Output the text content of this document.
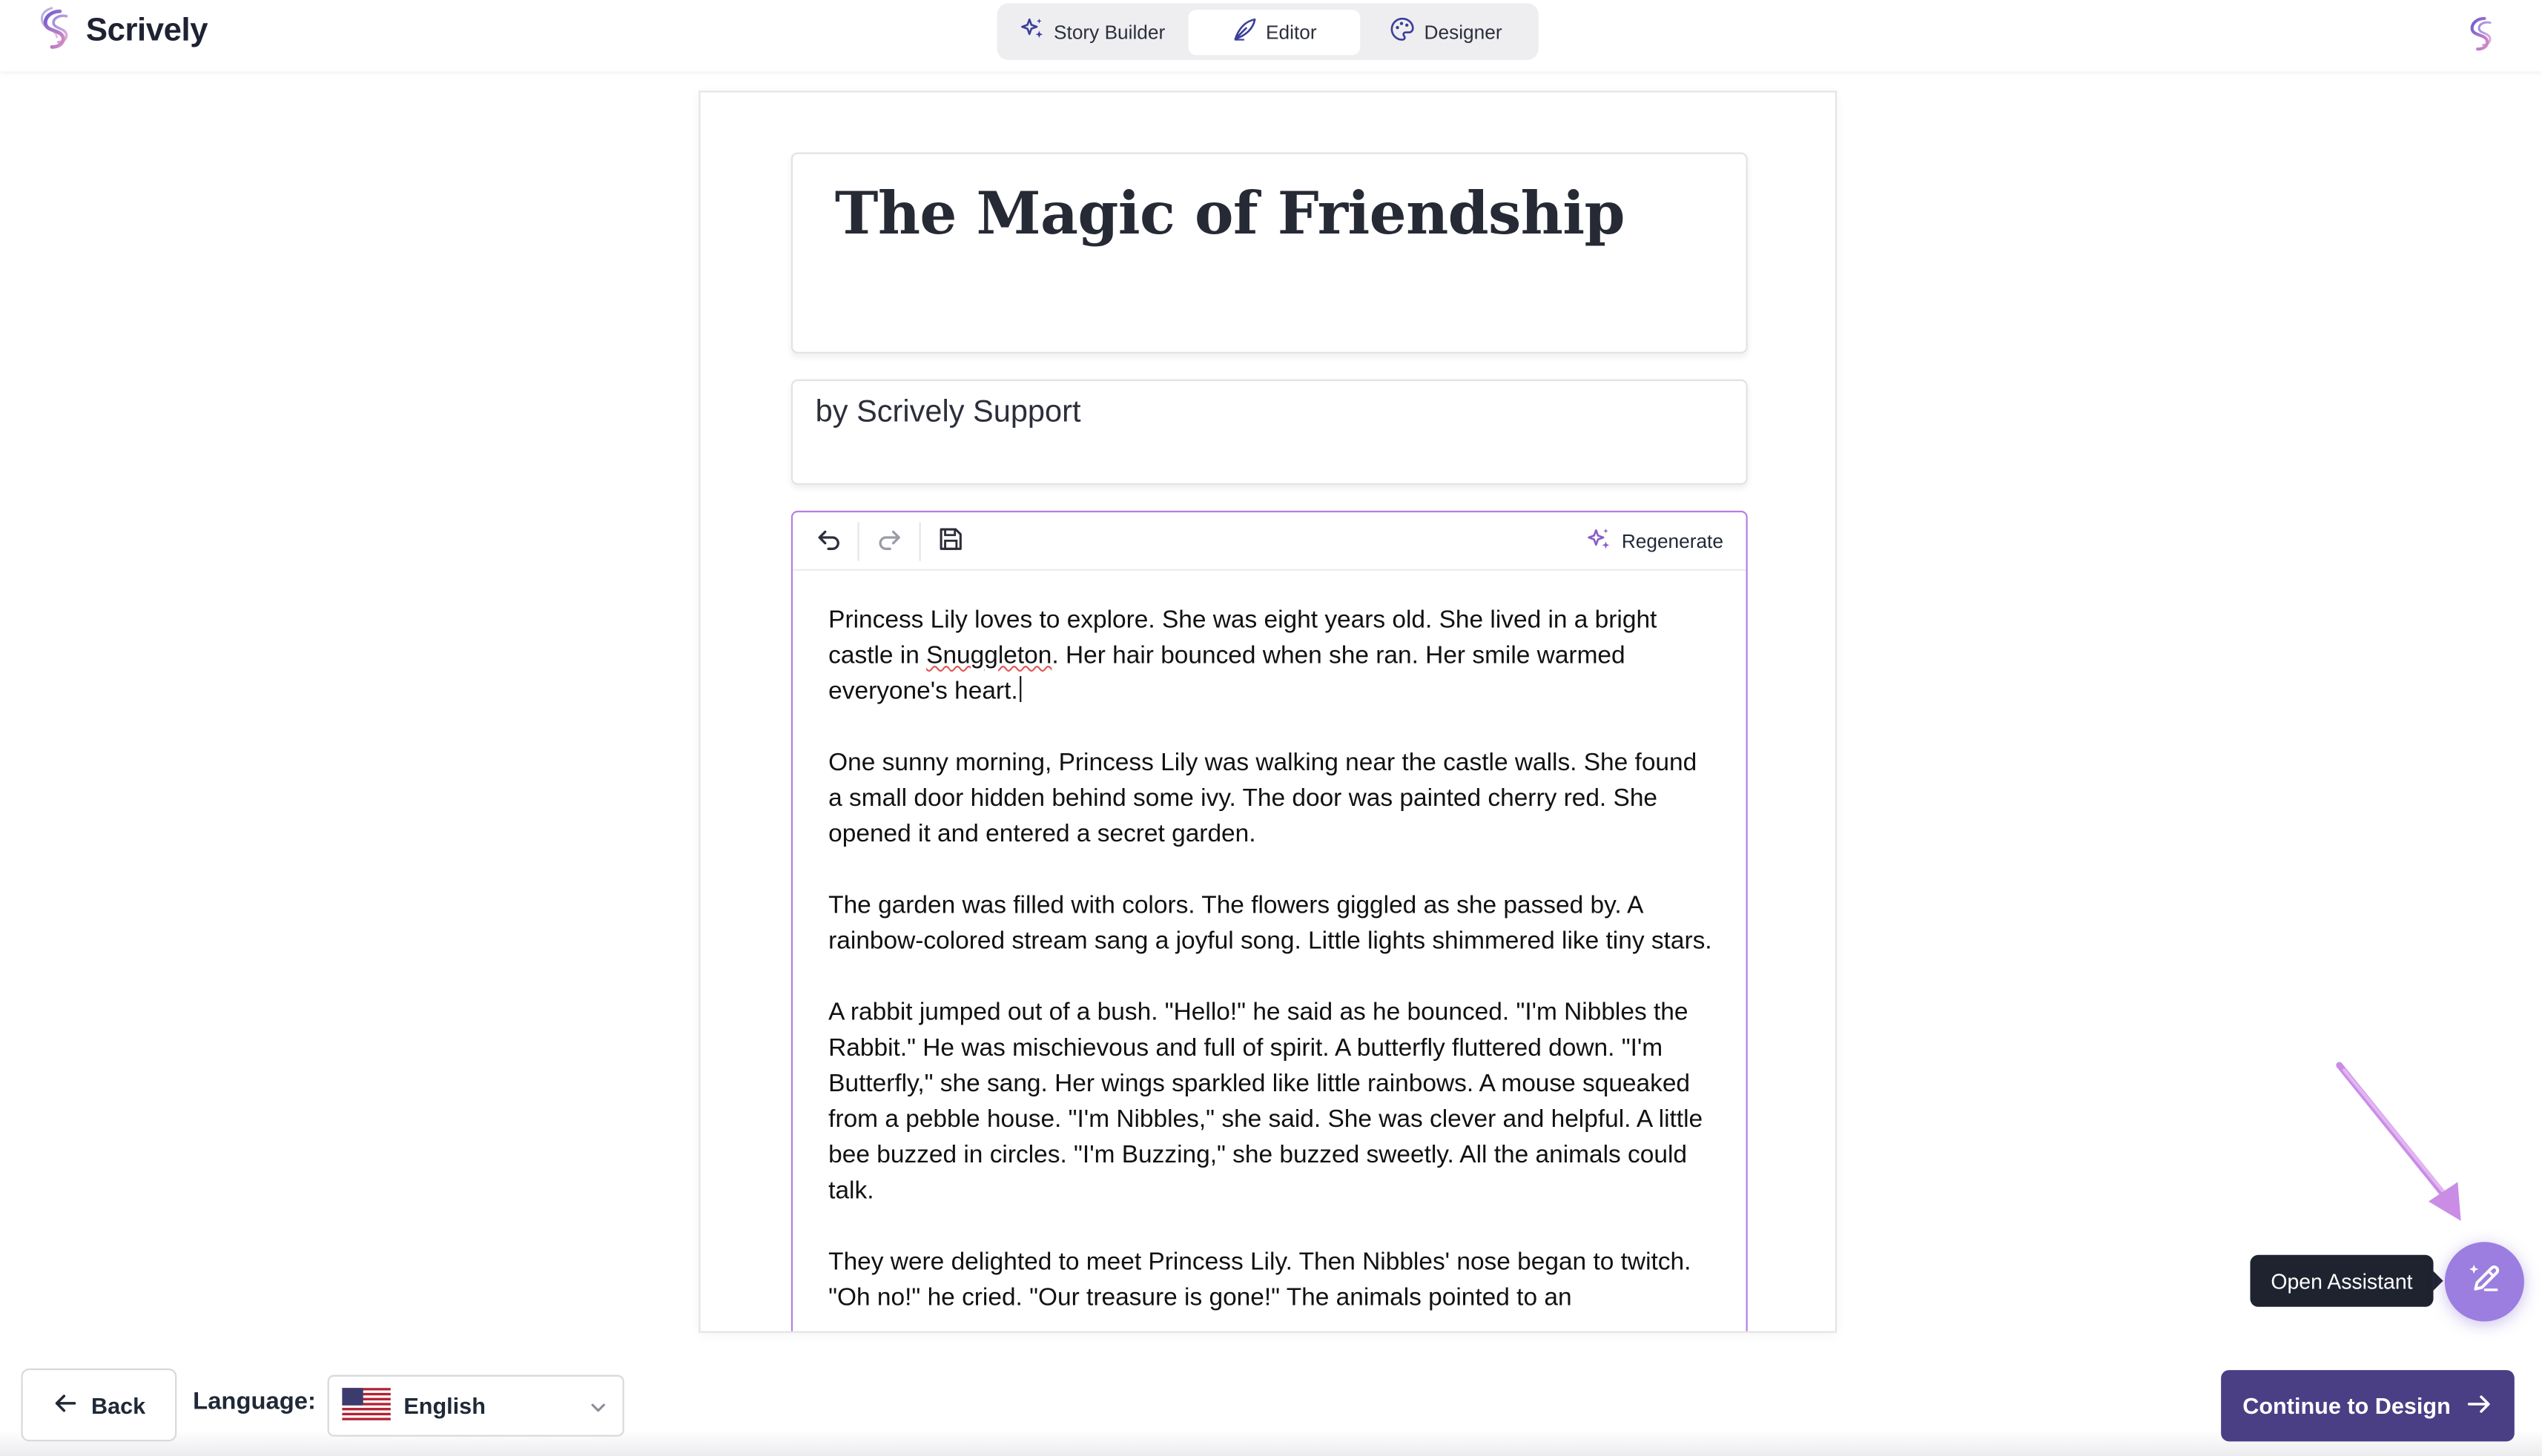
Scrively	Story Builder	Editor	Designer
The Magic of Friendship
by Scrively Support
Regenerate

Princess Lily loves to explore. She was eight years old. She lived in a bright castle in Snuggleton. Her hair bounced when she ran. Her smile warmed everyone's heart.

One sunny morning, Princess Lily was walking near the castle walls. She found a small door hidden behind some ivy. The door was painted cherry red. She opened it and entered a secret garden.

The garden was filled with colors. The flowers giggled as she passed by. A rainbow-colored stream sang a joyful song. Little lights shimmered like tiny stars.

A rabbit jumped out of a bush. "Hello!" he said as he bounced. "I'm Nibbles the Rabbit." He was mischievous and full of spirit. A butterfly fluttered down. "I'm Butterfly," she sang. Her wings sparkled like little rainbows. A mouse squeaked from a pebble house. "I'm Nibbles," she said. She was clever and helpful. A little bee buzzed in circles. "I'm Buzzing," she buzzed sweetly. All the animals could talk.

They were delighted to meet Princess Lily. Then Nibbles' nose began to twitch. "Oh no!" he cried. "Our treasure is gone!" The animals pointed to an

Open Assistant
Back	Language:	English	Continue to Design
